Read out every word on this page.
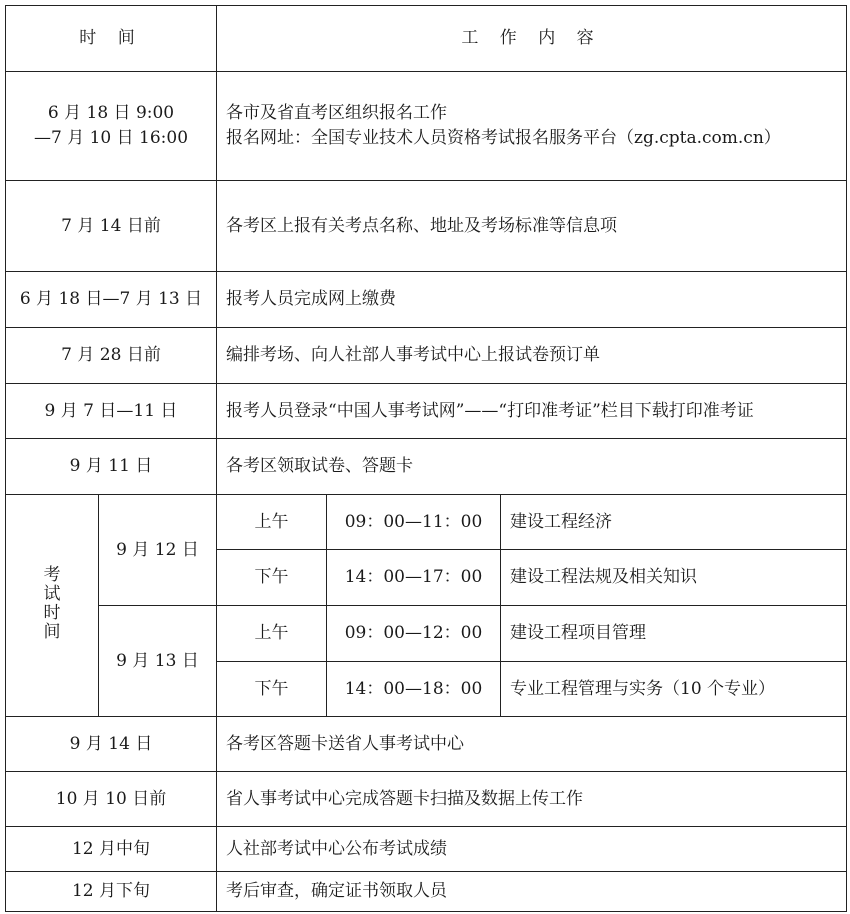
时 间		工 作 内 容		

6 月 18 日 9:00
—7 月 10 日 16:00		各市及省直考区组织报名工作
报名网址：全国专业技术人员资格考试报名服务平台（zg.cpta.com.cn）		

7 月 14 日前		各考区上报有关考点名称、地址及考场标准等信息项		
6 月 18 日—7 月 13 日		报考人员完成网上缴费		
7 月 28 日前		编排考场、向人社部人事考试中心上报试卷预订单		
9 月 7 日—11 日		报考人员登录“中国人事考试网”——“打印准考证”栏目下载打印准考证		
9 月 11 日		各考区领取试卷、答题卡		
考试时间	9 月 12 日	上午	09：00—11：00	建设工程经济
		下午	14：00—17：00	建设工程法规及相关知识
	9 月 13 日	上午	09：00—12：00	建设工程项目管理
		下午	14：00—18：00	专业工程管理与实务（10 个专业）
9 月 14 日		各考区答题卡送省人事考试中心		
10 月 10 日前		省人事考试中心完成答题卡扫描及数据上传工作		
12 月中旬		人社部考试中心公布考试成绩		
12 月下旬		考后审查，确定证书领取人员		
